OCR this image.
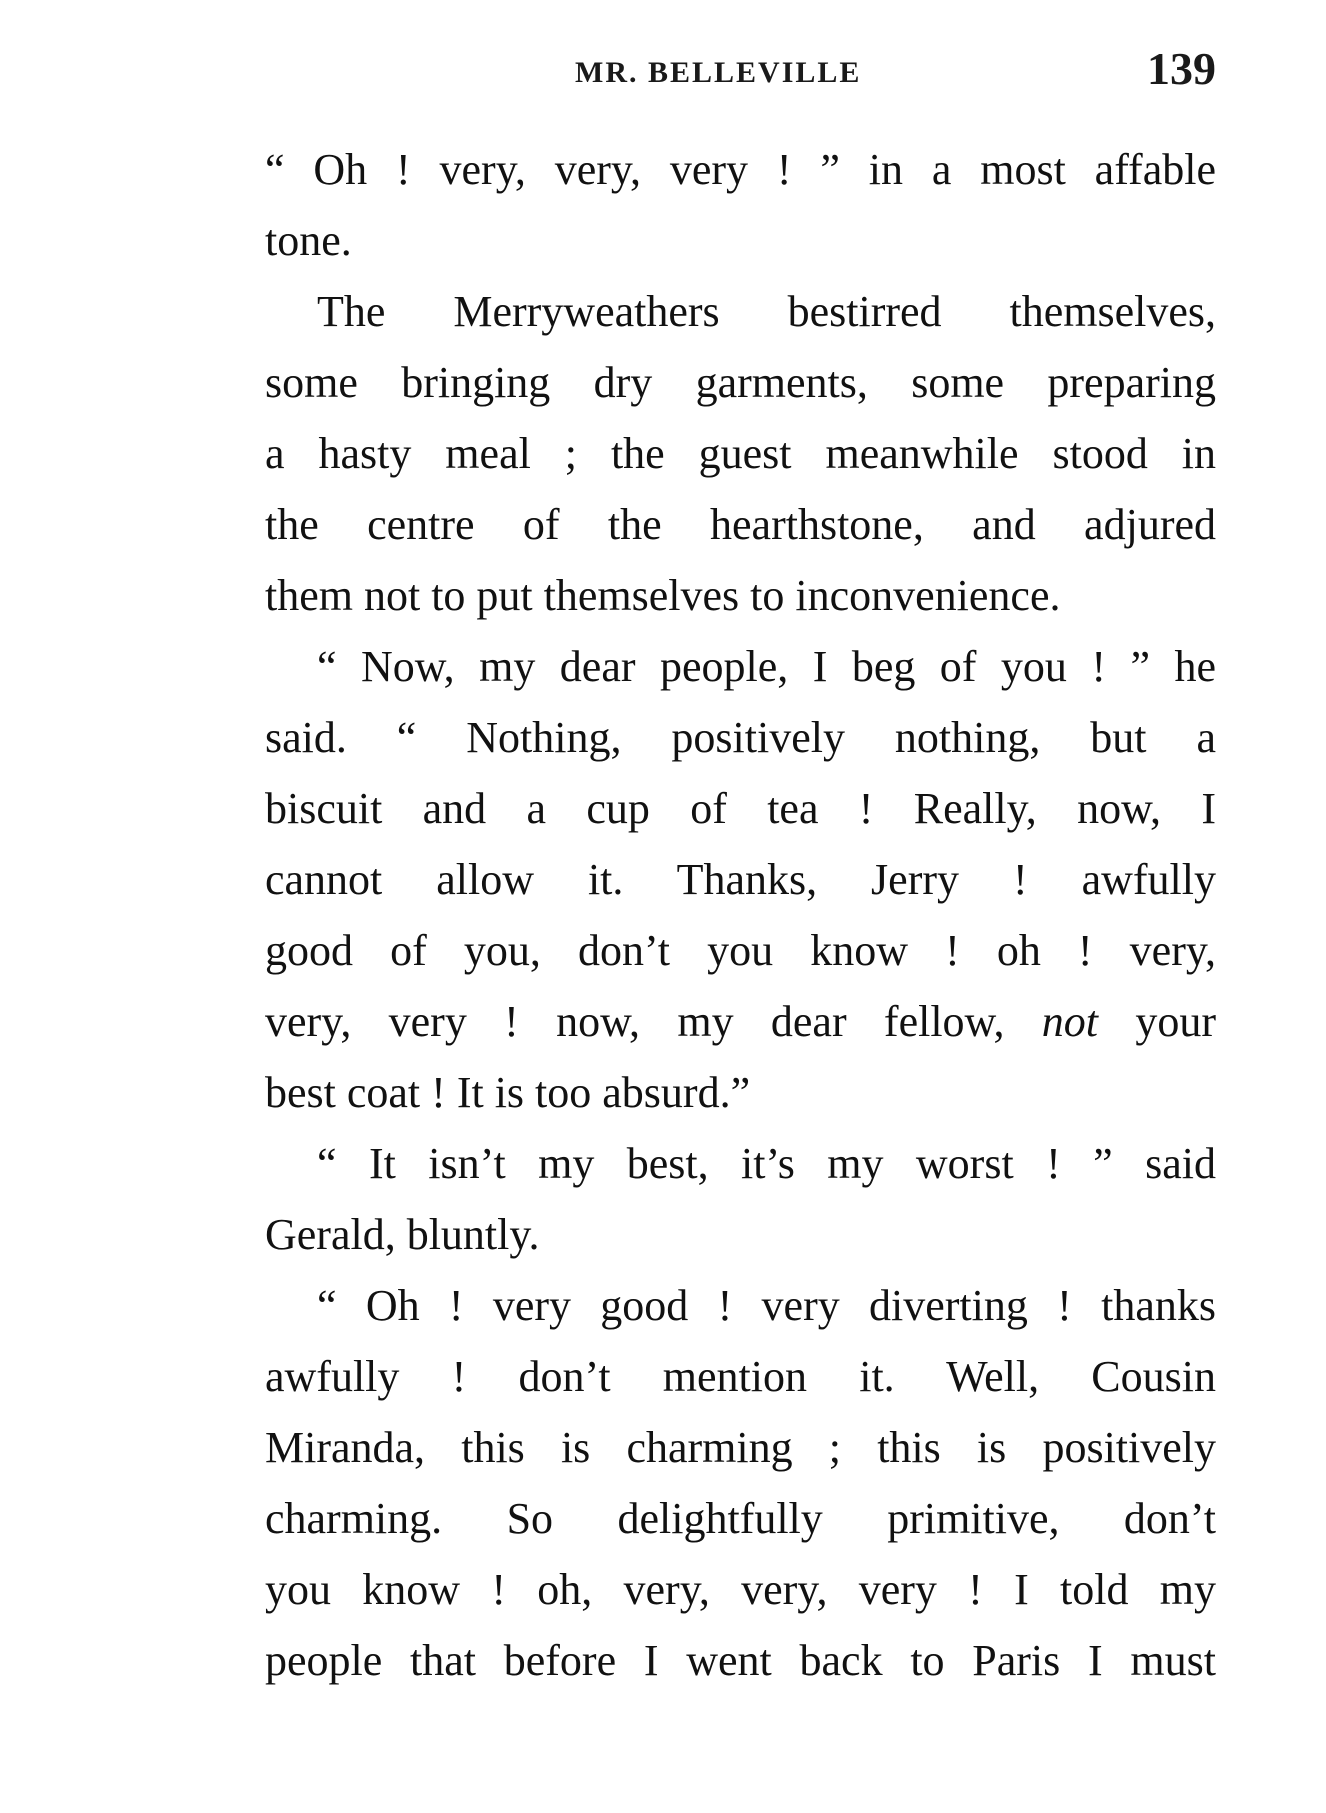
MR. BELLEVILLE	139
“ Oh ! very, very, very ! ” in a most affable
tone.
The Merryweathers bestirred themselves,
some bringing dry garments, some preparing
a hasty meal ; the guest meanwhile stood in
the centre of the hearthstone, and adjured
them not to put themselves to inconvenience.
“ Now, my dear people, I beg of you ! ” he
said. “ Nothing, positively nothing, but a
biscuit and a cup of tea ! Really, now, I
cannot allow it. Thanks, Jerry ! awfully
good of you, don’t you know ! oh ! very,
very, very ! now, my dear fellow, not your
best coat ! It is too absurd.”
“ It isn’t my best, it’s my worst ! ” said
Gerald, bluntly.
“ Oh ! very good ! very diverting ! thanks
awfully ! don’t mention it. Well, Cousin
Miranda, this is charming ; this is positively
charming. So delightfully primitive, don’t
you know ! oh, very, very, very ! I told my
people that before I went back to Paris I must
